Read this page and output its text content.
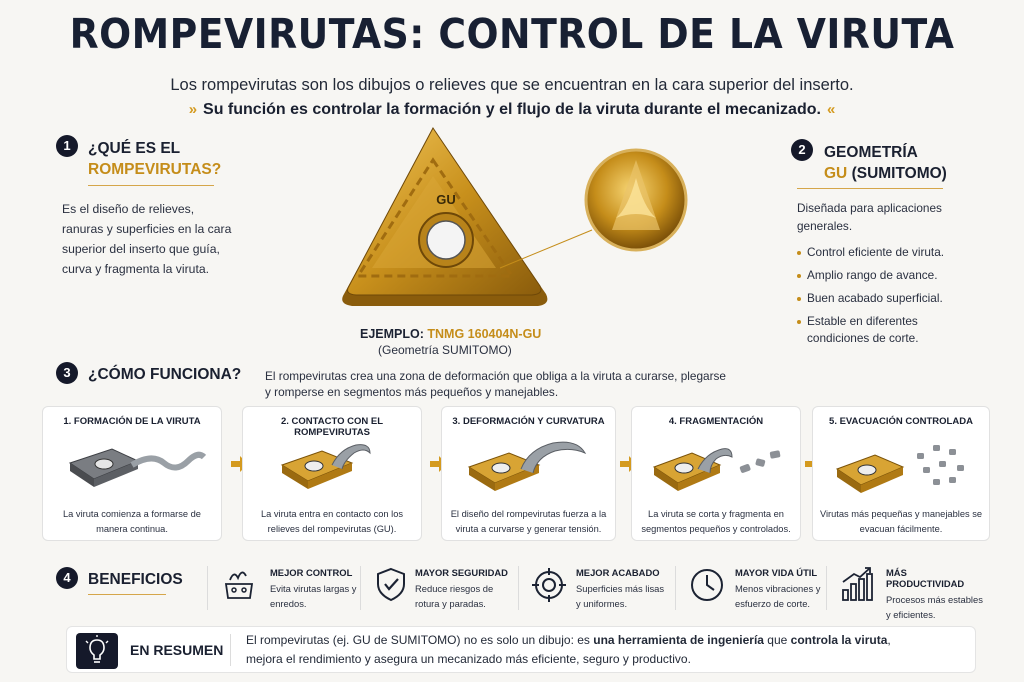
ROMPEVIRUTAS: CONTROL DE LA VIRUTA
Los rompevirutas son los dibujos o relieves que se encuentran en la cara superior del inserto.
» Su función es controlar la formación y el flujo de la viruta durante el mecanizado. «
1	¿QUÉ ES EL
ROMPEVIRUTAS?
Es el diseño de relieves, ranuras y superficies en la cara superior del inserto que guía, curva y fragmenta la viruta.
GU
EJEMPLO: TNMG 160404N-GU
(Geometría SUMITOMO)
2	GEOMETRÍA
GU (SUMITOMO)
Diseñada para aplicaciones generales.
Control eficiente de viruta.
Amplio rango de avance.
Buen acabado superficial.
Estable en diferentes condiciones de corte.
3	¿CÓMO FUNCIONA? El rompevirutas crea una zona de deformación que obliga a la viruta a curarse, plegarse y romperse en segmentos más pequeños y manejables.
1. FORMACIÓN DE LA VIRUTA
La viruta comienza a formarse de manera continua.
2. CONTACTO CON EL ROMPEVIRUTAS
La viruta entra en contacto con los relieves del rompevirutas (GU).
3. DEFORMACIÓN Y CURVATURA
El diseño del rompevirutas fuerza a la viruta a curvarse y generar tensión.
4. FRAGMENTACIÓN
La viruta se corta y fragmenta en segmentos pequeños y controlados.
5. EVACUACIÓN CONTROLADA
Virutas más pequeñas y manejables se evacuan fácilmente.
4	BENEFICIOS	MEJOR CONTROL
Evita virutas largas y enredos.
MAYOR SEGURIDAD
Reduce riesgos de rotura y paradas.
MEJOR ACABADO
Superficies más lisas y uniformes.
MAYOR VIDA ÚTIL
Menos vibraciones y esfuerzo de corte.
MÁS PRODUCTIVIDAD
Procesos más estables y eficientes.
EN RESUMEN
El rompevirutas (ej. GU de SUMITOMO) no es solo un dibujo: es una herramienta de ingeniería que controla la viruta,
mejora el rendimiento y asegura un mecanizado más eficiente, seguro y productivo.
